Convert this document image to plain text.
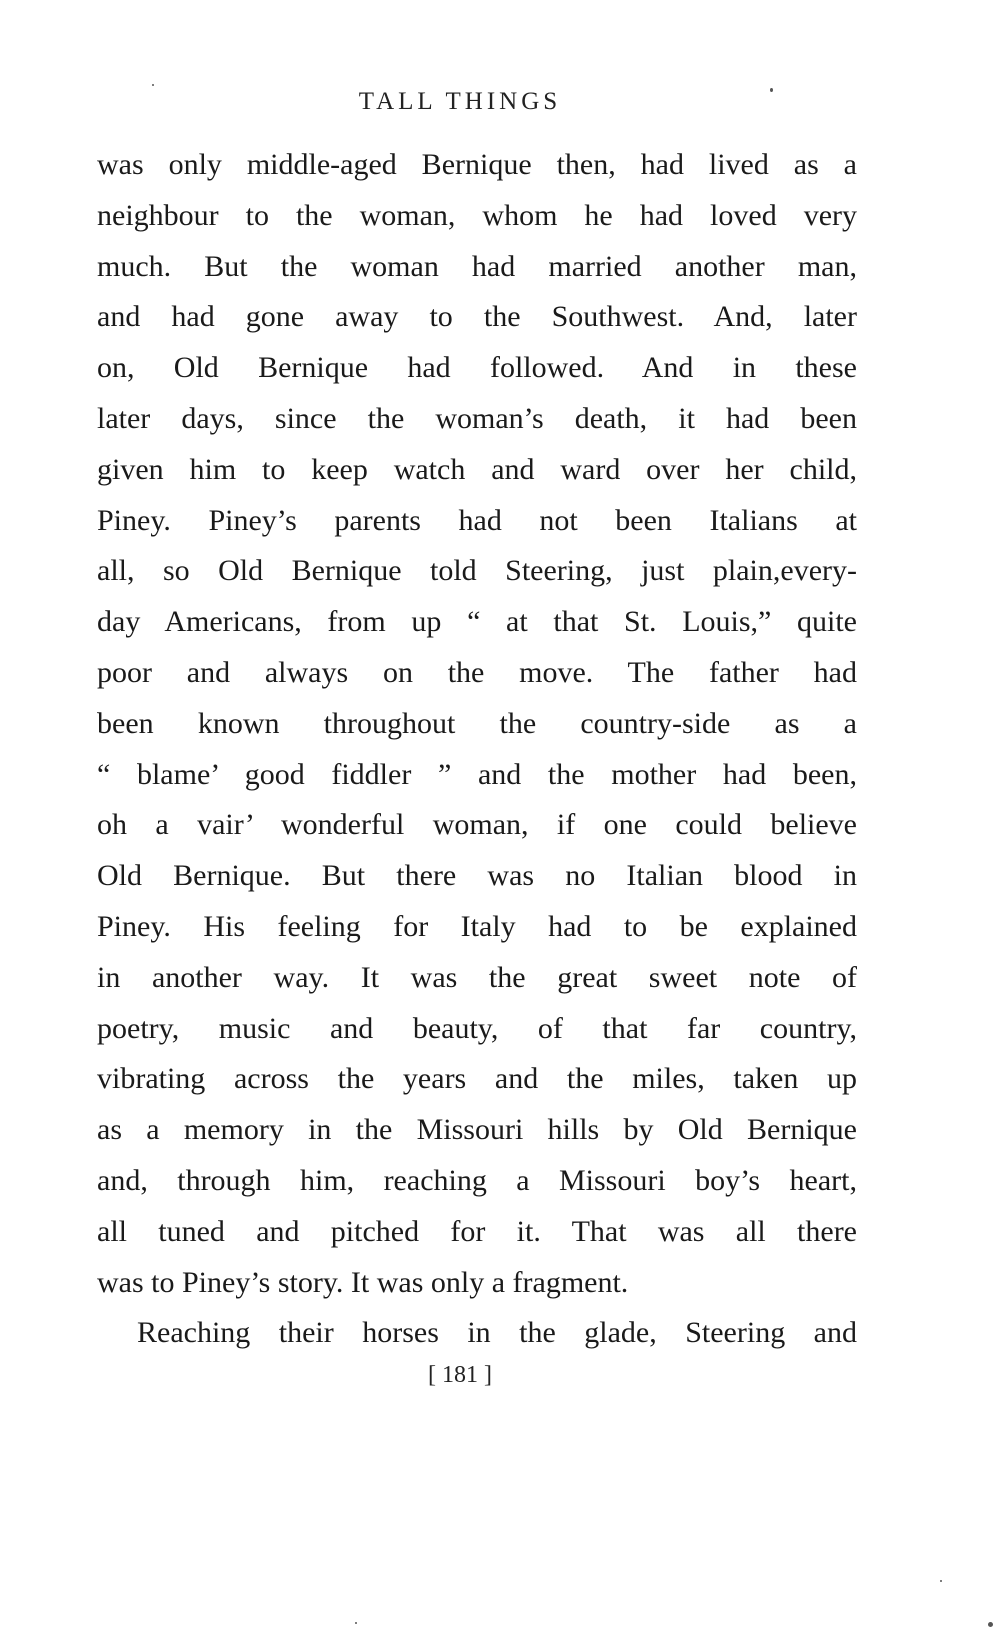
TALL THINGS
was only middle-aged Bernique then, had lived as a
neighbour to the woman, whom he had loved very
much. But the woman had married another man,
and had gone away to the Southwest. And, later
on, Old Bernique had followed. And in these
later days, since the woman’s death, it had been
given him to keep watch and ward over her child,
Piney. Piney’s parents had not been Italians at
all, so Old Bernique told Steering, just plain,every-
day Americans, from up “ at that St. Louis,” quite
poor and always on the move. The father had
been known throughout the country-side as a
“ blame’ good fiddler ” and the mother had been,
oh a vair’ wonderful woman, if one could believe
Old Bernique. But there was no Italian blood in
Piney. His feeling for Italy had to be explained
in another way. It was the great sweet note of
poetry, music and beauty, of that far country,
vibrating across the years and the miles, taken up
as a memory in the Missouri hills by Old Bernique
and, through him, reaching a Missouri boy’s heart,
all tuned and pitched for it. That was all there
was to Piney’s story. It was only a fragment.
Reaching their horses in the glade, Steering and
[ 181 ]
